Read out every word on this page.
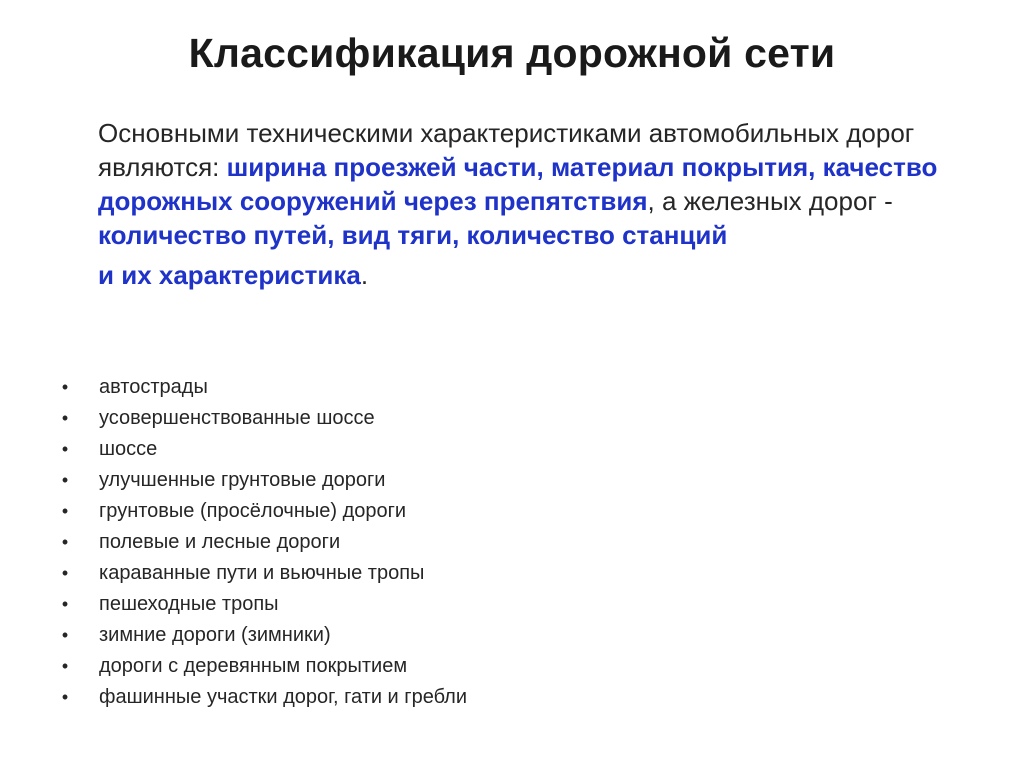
Классификация дорожной сети
Основными техническими характеристиками автомобильных дорог являются: ширина проезжей части, материал покрытия, качество дорожных сооружений через препятствия, а железных дорог - количество путей, вид тяги, количество станций
и их характеристика.
• автострады
• усовершенствованные шоссе
• шоссе
• улучшенные грунтовые дороги
• грунтовые (просёлочные) дороги
• полевые и лесные дороги
• караванные пути и вьючные тропы
• пешеходные тропы
• зимние дороги (зимники)
• дороги с деревянным покрытием
• фашинные участки дорог, гати и гребли
